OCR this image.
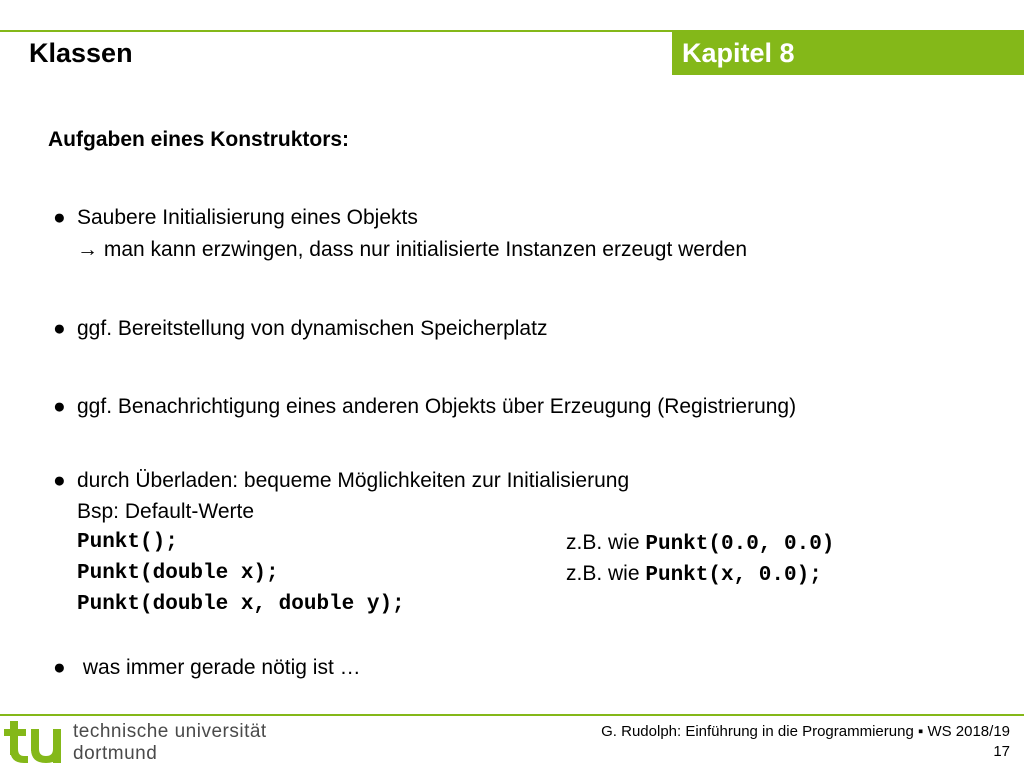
Klassen	Kapitel 8
Aufgaben eines Konstruktors:
● Saubere Initialisierung eines Objekts
→ man kann erzwingen, dass nur initialisierte Instanzen erzeugt werden
● ggf. Bereitstellung von dynamischen Speicherplatz
● ggf. Benachrichtigung eines anderen Objekts über Erzeugung (Registrierung)
● durch Überladen: bequeme Möglichkeiten zur Initialisierung
Bsp: Default-Werte
Punkt();
Punkt(double x);
Punkt(double x, double y);
z.B. wie Punkt(0.0, 0.0)
z.B. wie Punkt(x, 0.0);
● was immer gerade nötig ist …
technische universität
dortmund
G. Rudolph: Einführung in die Programmierung ▪ WS 2018/19
17
